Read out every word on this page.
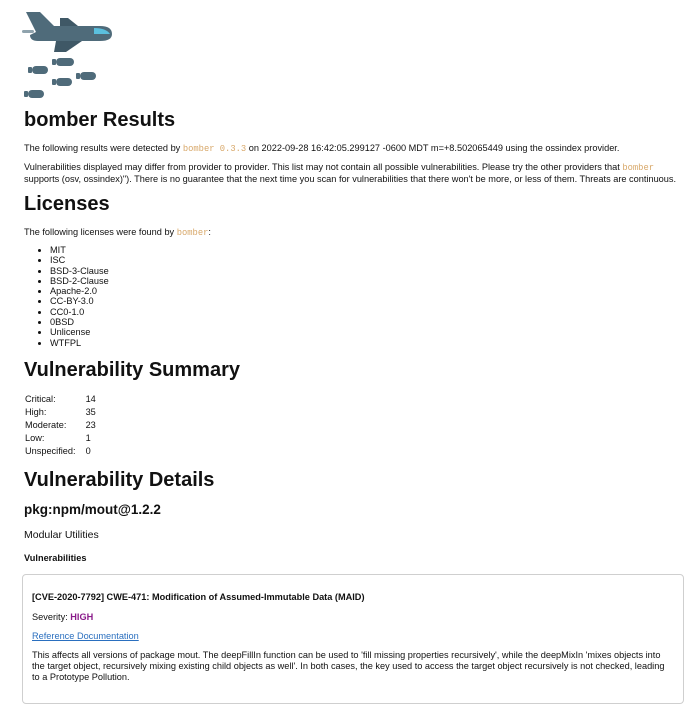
bomber Results

The following results were detected by bomber 0.3.3 on 2022-09-28 16:42:05.299127 -0600 MDT m=+8.502065449 using the ossindex provider.

Vulnerabilities displayed may differ from provider to provider. This list may not contain all possible vulnerabilities. Please try the other providers that bomber supports (osv, ossindex)"). There is no guarantee that the next time you scan for vulnerabilities that there won't be more, or less of them. Threats are continuous.

Licenses

The following licenses were found by bomber:

• MIT
• ISC
• BSD-3-Clause
• BSD-2-Clause
• Apache-2.0
• CC-BY-3.0
• CC0-1.0
• 0BSD
• Unlicense
• WTFPL
Vulnerability Summary
Critical:	14
High:	35
Moderate:	23
Low:	1
Unspecified:	0
Vulnerability Details
pkg:npm/mout@1.2.2

Modular Utilities

Vulnerabilities

[CVE-2020-7792] CWE-471: Modification of Assumed-Immutable Data (MAID)

Severity: HIGH

Reference Documentation

This affects all versions of package mout. The deepFillIn function can be used to 'fill missing properties recursively', while the deepMixIn 'mixes objects into the target object, recursively mixing existing child objects as well'. In both cases, the key used to access the target object recursively is not checked, leading to a Prototype Pollution.
